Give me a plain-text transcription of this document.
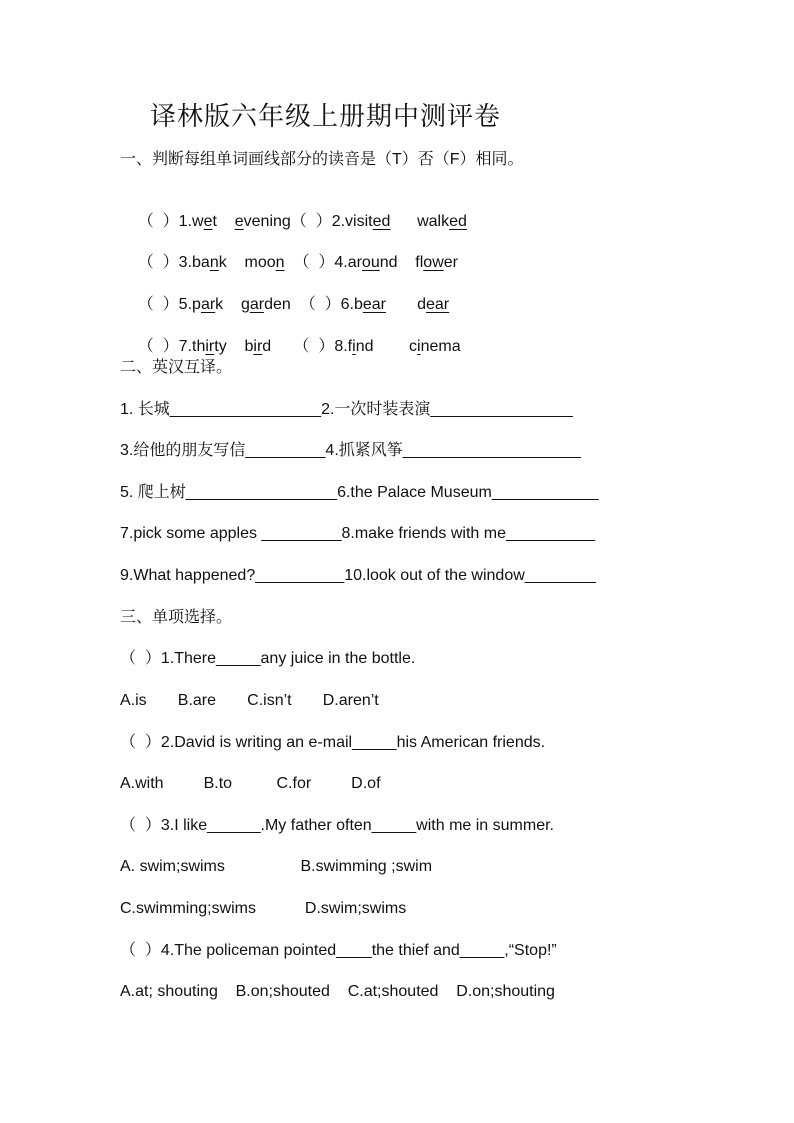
译林版六年级上册期中测评卷
一、判断每组单词画线部分的读音是（T）否（F）相同。

（  ）1.wet evening（  ）2.visited walked

（  ）3.bank moon  （  ）4.around flower

（  ）5.park garden  （  ）6.bear dear

（  ）7.thirty bird     （  ）8.find cinema

二、英汉互译。
1. 长城_________________2.一次时装表演________________
3.给他的朋友写信_________4.抓紧风筝____________________
5. 爬上树_________________6.the Palace Museum____________
7.pick some apples _________8.make friends with me__________
9.What happened?__________10.look out of the window________
三、单项选择。
（  ）1.There_____any juice in the bottle.
A.is       B.are       C.isn’t       D.aren’t
（  ）2.David is writing an e-mail_____his American friends.
A.with         B.to          C.for         D.of
（  ）3.I like______.My father often_____with me in summer.
A. swim;swims                 B.swimming ;swim
C.swimming;swims           D.swim;swims
（  ）4.The policeman pointed____the thief and_____,“Stop!”
A.at; shouting    B.on;shouted    C.at;shouted    D.on;shouting
